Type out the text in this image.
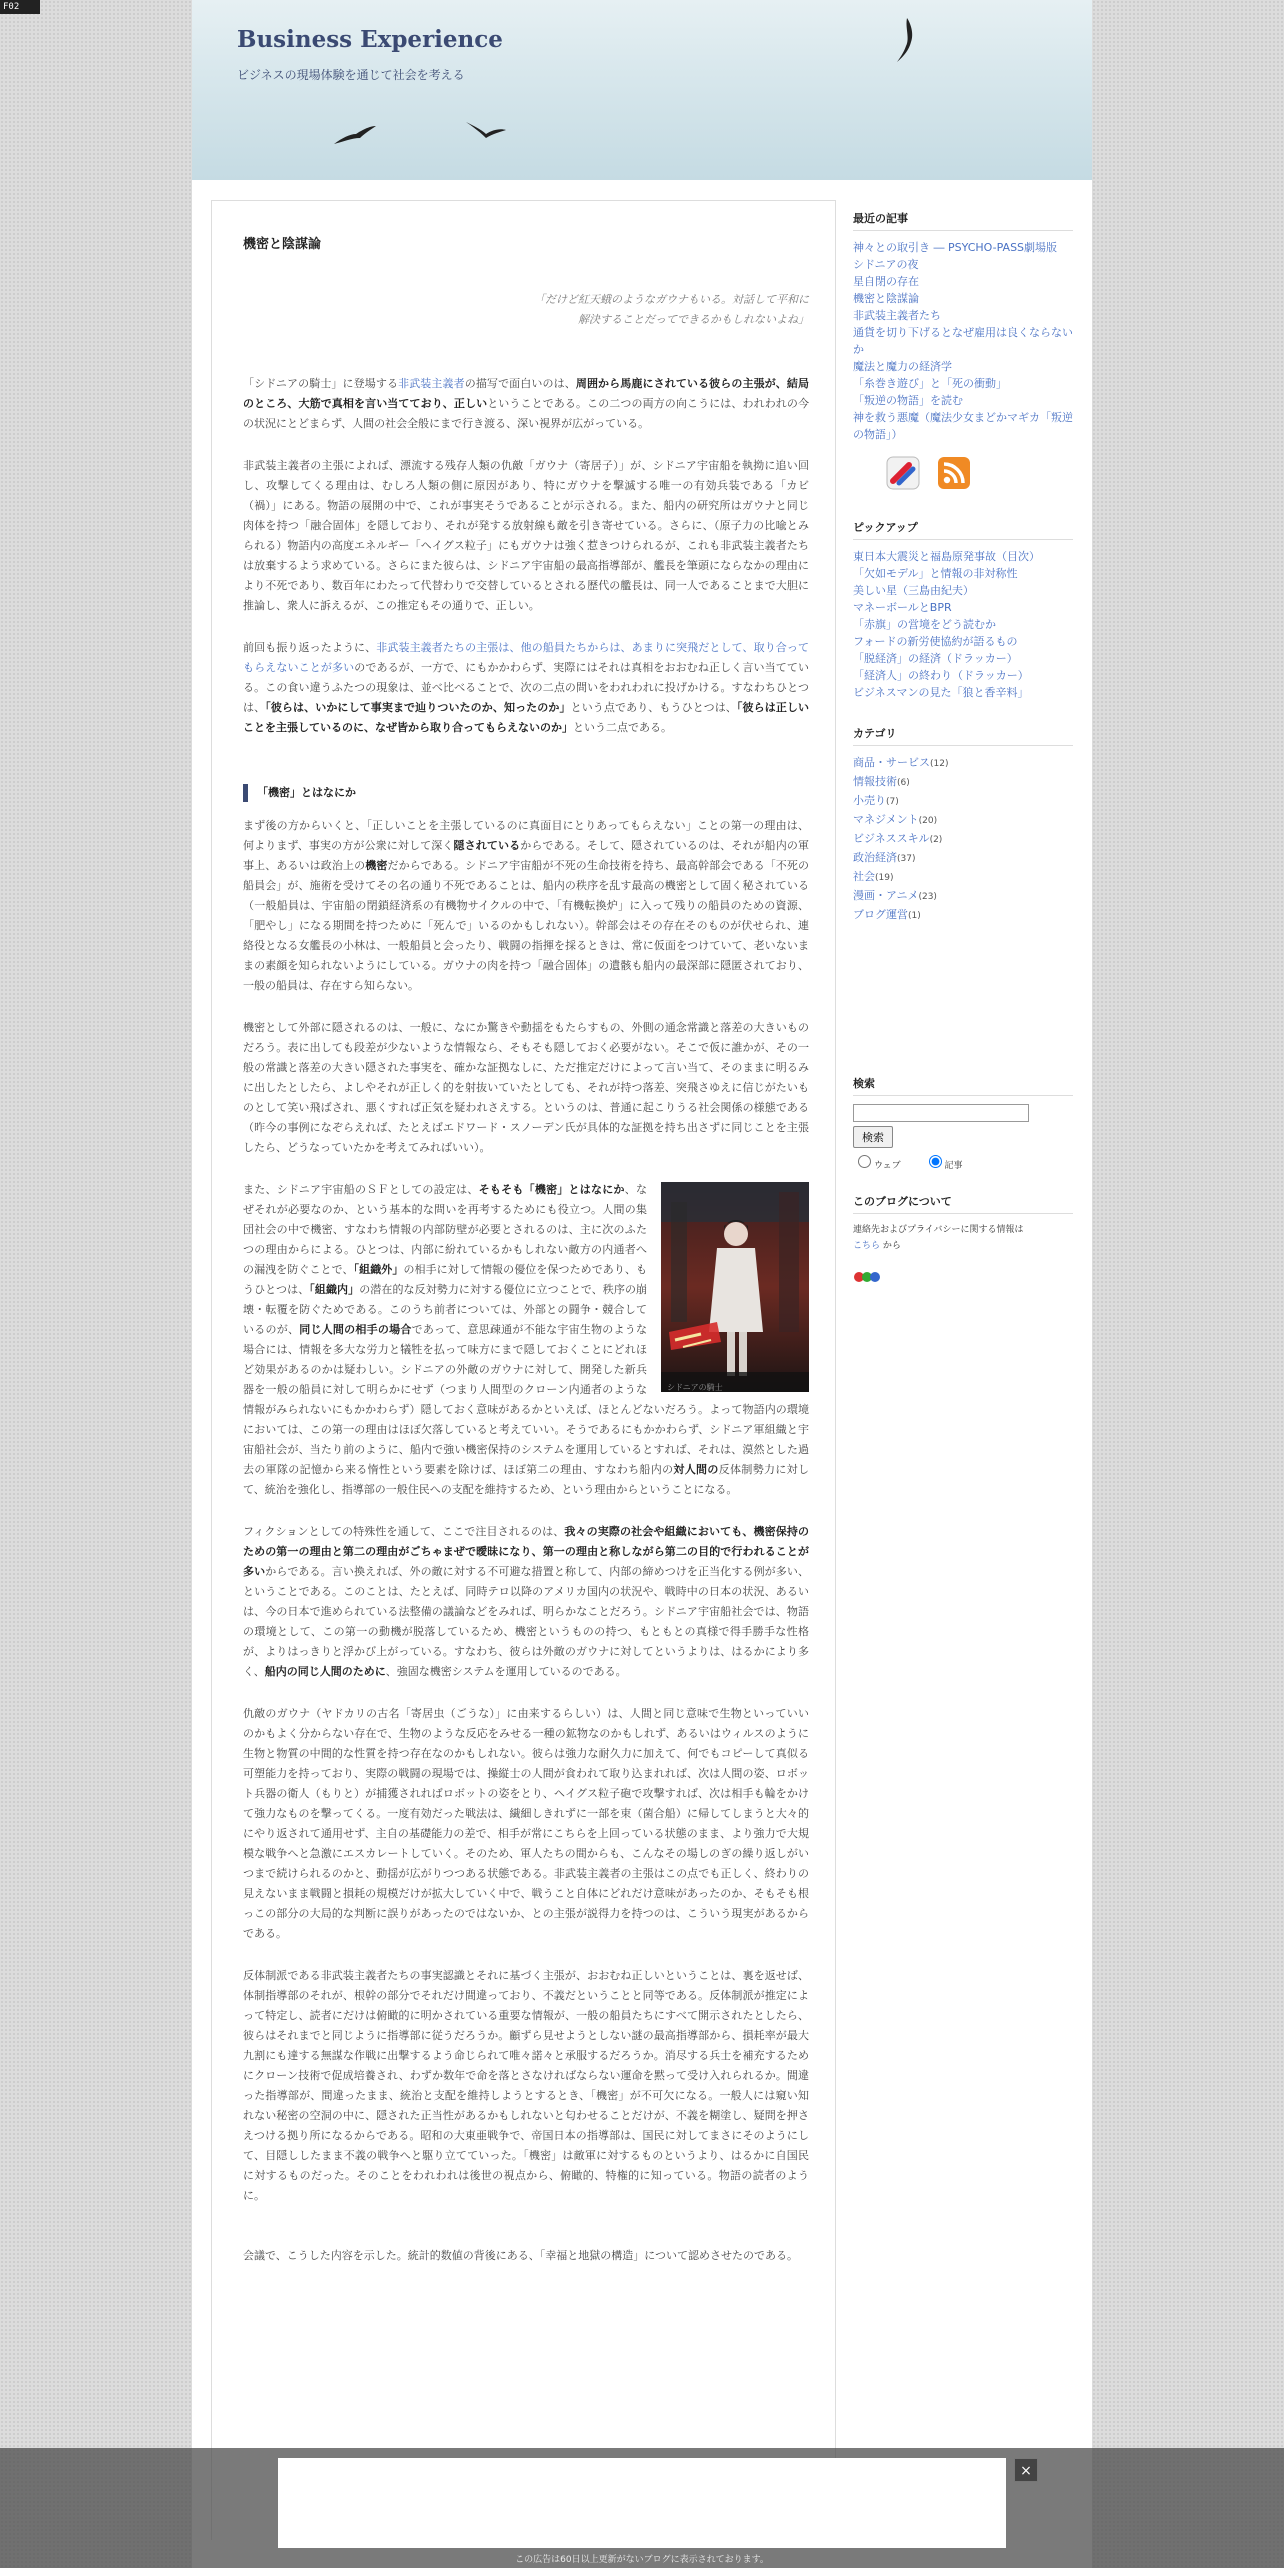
F02
Business Experience
ビジネスの現場体験を通じて社会を考える
機密と陰謀論
「だけど紅天蛾のようなガウナもいる。対話して平和に
解決することだってできるかもしれないよね」

「シドニアの騎士」に登場する非武装主義者の描写で面白いのは、周囲から馬鹿にされている彼らの主張が、結局のところ、大筋で真相を言い当てており、正しいということである。この二つの両方の向こうには、われわれの今の状況にとどまらず、人間の社会全般にまで行き渡る、深い視界が広がっている。

非武装主義者の主張によれば、漂流する残存人類の仇敵「ガウナ（寄居子）」が、シドニア宇宙船を執拗に追い回し、攻撃してくる理由は、むしろ人類の側に原因があり、特にガウナを撃滅する唯一の有効兵装である「カビ（禍）」にある。物語の展開の中で、これが事実そうであることが示される。また、船内の研究所はガウナと同じ肉体を持つ「融合固体」を隠しており、それが発する放射線も敵を引き寄せている。さらに、（原子力の比喩とみられる）物語内の高度エネルギー「ヘイグス粒子」にもガウナは強く惹きつけられるが、これも非武装主義者たちは放棄するよう求めている。さらにまた彼らは、シドニア宇宙船の最高指導部が、艦長を筆頭にならなかの理由により不死であり、数百年にわたって代替わりで交替しているとされる歴代の艦長は、同一人であることまで大胆に推論し、衆人に訴えるが、この推定もその通りで、正しい。

前回も振り返ったように、非武装主義者たちの主張は、他の船員たちからは、あまりに突飛だとして、取り合ってもらえないことが多いのであるが、一方で、にもかかわらず、実際にはそれは真相をおおむね正しく言い当てている。この食い違うふたつの現象は、並べ比べることで、次の二点の問いをわれわれに投げかける。すなわちひとつは、「彼らは、いかにして事実まで辿りついたのか、知ったのか」という点であり、もうひとつは、「彼らは正しいことを主張しているのに、なぜ皆から取り合ってもらえないのか」という二点である。

「機密」とはなにか

まず後の方からいくと、「正しいことを主張しているのに真面目にとりあってもらえない」ことの第一の理由は、何よりまず、事実の方が公衆に対して深く隠されているからである。そして、隠されているのは、それが船内の軍事上、あるいは政治上の機密だからである。シドニア宇宙船が不死の生命技術を持ち、最高幹部会である「不死の船員会」が、施術を受けてその名の通り不死であることは、船内の秩序を乱す最高の機密として固く秘されている（一般船員は、宇宙船の閉鎖経済系の有機物サイクルの中で、「有機転換炉」に入って残りの船員のための資源、「肥やし」になる期間を持つために「死んで」いるのかもしれない）。幹部会はその存在そのものが伏せられ、連絡役となる女艦長の小林は、一般船員と会ったり、戦闘の指揮を採るときは、常に仮面をつけていて、老いないままの素顔を知られないようにしている。ガウナの肉を持つ「融合固体」の遺骸も船内の最深部に隠匿されており、一般の船員は、存在すら知らない。

機密として外部に隠されるのは、一般に、なにか驚きや動揺をもたらすもの、外側の通念常識と落差の大きいものだろう。表に出しても段差が少ないような情報なら、そもそも隠しておく必要がない。そこで仮に誰かが、その一般の常識と落差の大きい隠された事実を、確かな証拠なしに、ただ推定だけによって言い当て、そのままに明るみに出したとしたら、よしやそれが正しく的を射抜いていたとしても、それが持つ落差、突飛さゆえに信じがたいものとして笑い飛ばされ、悪くすれば正気を疑われさえする。というのは、普通に起こりうる社会関係の様態である（昨今の事例になぞらえれば、たとえばエドワード・スノーデン氏が具体的な証拠を持ち出さずに同じことを主張したら、どうなっていたかを考えてみればいい）。

シドニアの騎士

また、シドニア宇宙船のＳＦとしての設定は、そもそも「機密」とはなにか、なぜそれが必要なのか、という基本的な問いを再考するためにも役立つ。人間の集団社会の中で機密、すなわち情報の内部防壁が必要とされるのは、主に次のふたつの理由からによる。ひとつは、内部に紛れているかもしれない敵方の内通者への漏洩を防ぐことで、「組織外」の相手に対して情報の優位を保つためであり、もうひとつは、「組織内」の潜在的な反対勢力に対する優位に立つことで、秩序の崩壊・転覆を防ぐためである。このうち前者については、外部との闘争・競合しているのが、同じ人間の相手の場合であって、意思疎通が不能な宇宙生物のような場合には、情報を多大な労力と犠牲を払って味方にまで隠しておくことにどれほど効果があるのかは疑わしい。シドニアの外敵のガウナに対して、開発した新兵器を一般の船員に対して明らかにせず（つまり人間型のクローン内通者のような情報がみられないにもかかわらず）隠しておく意味があるかといえば、ほとんどないだろう。よって物語内の環境においては、この第一の理由はほぼ欠落していると考えていい。そうであるにもかかわらず、シドニア軍組織と宇宙船社会が、当たり前のように、船内で強い機密保持のシステムを運用しているとすれば、それは、漠然とした過去の軍隊の記憶から来る惰性という要素を除けば、ほぼ第二の理由、すなわち船内の対人間の反体制勢力に対して、統治を強化し、指導部の一般住民への支配を維持するため、という理由からということになる。

フィクションとしての特殊性を通して、ここで注目されるのは、我々の実際の社会や組織においても、機密保持のための第一の理由と第二の理由がごちゃまぜで曖昧になり、第一の理由と称しながら第二の目的で行われることが多いからである。言い換えれば、外の敵に対する不可避な措置と称して、内部の締めつけを正当化する例が多い、ということである。このことは、たとえば、同時テロ以降のアメリカ国内の状況や、戦時中の日本の状況、あるいは、今の日本で進められている法整備の議論などをみれば、明らかなことだろう。シドニア宇宙船社会では、物語の環境として、この第一の動機が脱落しているため、機密というものの持つ、もともとの真様で得手勝手な性格が、よりはっきりと浮かび上がっている。すなわち、彼らは外敵のガウナに対してというよりは、はるかにより多く、船内の同じ人間のために、強固な機密システムを運用しているのである。

仇敵のガウナ（ヤドカリの古名「寄居虫（ごうな）」に由来するらしい）は、人間と同じ意味で生物といっていいのかもよく分からない存在で、生物のような反応をみせる一種の鉱物なのかもしれず、あるいはウィルスのように生物と物質の中間的な性質を持つ存在なのかもしれない。彼らは強力な耐久力に加えて、何でもコピーして真似る可塑能力を持っており、実際の戦闘の現場では、操縦士の人間が食われて取り込まれれば、次は人間の姿、ロボット兵器の衛人（もりと）が捕獲されればロボットの姿をとり、ヘイグス粒子砲で攻撃すれば、次は相手も輪をかけて強力なものを撃ってくる。一度有効だった戦法は、繊細しきれずに一部を束（菌合船）に帰してしまうと大々的にやり返されて通用せず、主自の基礎能力の差で、相手が常にこちらを上回っている状態のまま、より強力で大規模な戦争へと急激にエスカレートしていく。そのため、軍人たちの間からも、こんなその場しのぎの繰り返しがいつまで続けられるのかと、動揺が広がりつつある状態である。非武装主義者の主張はこの点でも正しく、終わりの見えないまま戦闘と損耗の規模だけが拡大していく中で、戦うこと自体にどれだけ意味があったのか、そもそも根っこの部分の大局的な判断に誤りがあったのではないか、との主張が説得力を持つのは、こういう現実があるからである。

反体制派である非武装主義者たちの事実認識とそれに基づく主張が、おおむね正しいということは、裏を返せば、体制指導部のそれが、根幹の部分でそれだけ間違っており、不義だということと同等である。反体制派が推定によって特定し、読者にだけは俯瞰的に明かされている重要な情報が、一般の船員たちにすべて開示されたとしたら、彼らはそれまでと同じように指導部に従うだろうか。顧ずら見せようとしない謎の最高指導部から、損耗率が最大九割にも達する無謀な作戦に出撃するよう命じられて唯々諾々と承服するだろうか。消尽する兵士を補充するためにクローン技術で促成培養され、わずか数年で命を落とさなければならない運命を黙って受け入れられるか。間違った指導部が、間違ったまま、統治と支配を維持しようとするとき、「機密」が不可欠になる。一般人には窺い知れない秘密の空洞の中に、隠された正当性があるかもしれないと匂わせることだけが、不義を糊塗し、疑問を押さえつける拠り所になるからである。昭和の大東亜戦争で、帝国日本の指導部は、国民に対してまさにそのようにして、目隠ししたまま不義の戦争へと駆り立てていった。「機密」は敵軍に対するものというより、はるかに自国民に対するものだった。そのことをわれわれは後世の視点から、俯瞰的、特権的に知っている。物語の読者のように。

会議で、こうした内容を示した。統計的数値の背後にある、「幸福と地獄の構造」について認めさせたのである。

最近の記事
神々との取引き ― PSYCHO-PASS劇場版
シドニアの夜
星自閉の存在
機密と陰謀論
非武装主義者たち
通貨を切り下げるとなぜ雇用は良くならないか
魔法と魔力の経済学
「糸巻き遊び」と「死の衝動」
「叛逆の物語」を読む
神を救う悪魔（魔法少女まどかマギカ「叛逆の物語」）

ピックアップ
東日本大震災と福島原発事故（目次）
「欠如モデル」と情報の非対称性
美しい星（三島由紀夫）
マネーボールとBPR
「赤旗」の営境をどう読むか
フォードの新労使協約が語るもの
「脱経済」の経済（ドラッカー）
「経済人」の終わり（ドラッカー）
ビジネスマンの見た「狼と香辛料」
カテゴリ
商品・サービス(12)
情報技術(6)
小売り(7)
マネジメント(20)
ビジネススキル(2)
政治経済(37)
社会(19)
漫画・アニメ(23)
ブログ運営(1)
検索
検索
ウェブ	記事
このブログについて
連絡先およびプライバシーに関する情報は
こちら から
×
この広告は60日以上更新がないブログに表示されております。
